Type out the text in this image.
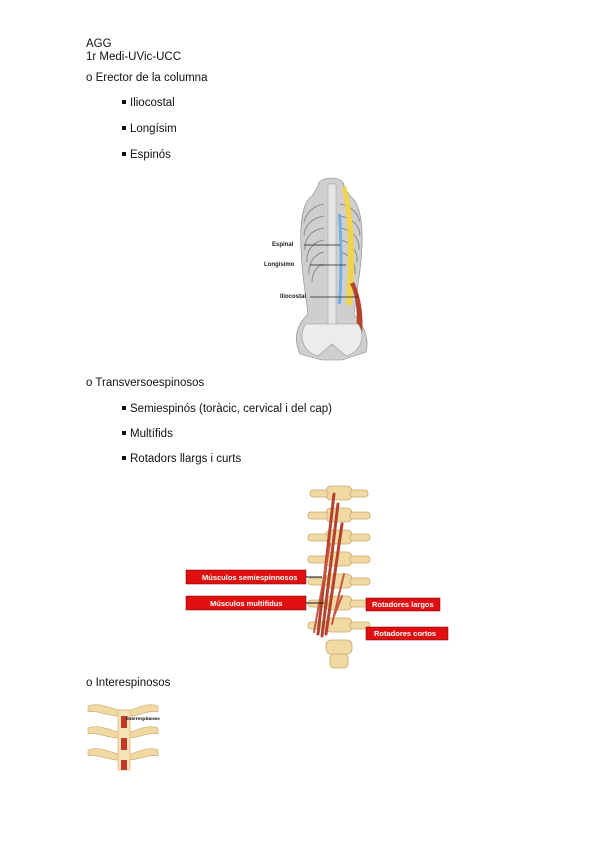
AGG
1r Medi-UVic-UCC
o Erector de la columna
Iliocostal
Longísim
Espinós
Espinal
Longisimo
Iliocostal
o Transversoespinosos
Semiespinós (toràcic, cervical i del cap)
Multífids
Rotadors llargs i curts
Músculos semiespinnosos
Músculos multifidus	Rotadores largos
Rotadores cortos
o Interespinosos
Interespinosos
